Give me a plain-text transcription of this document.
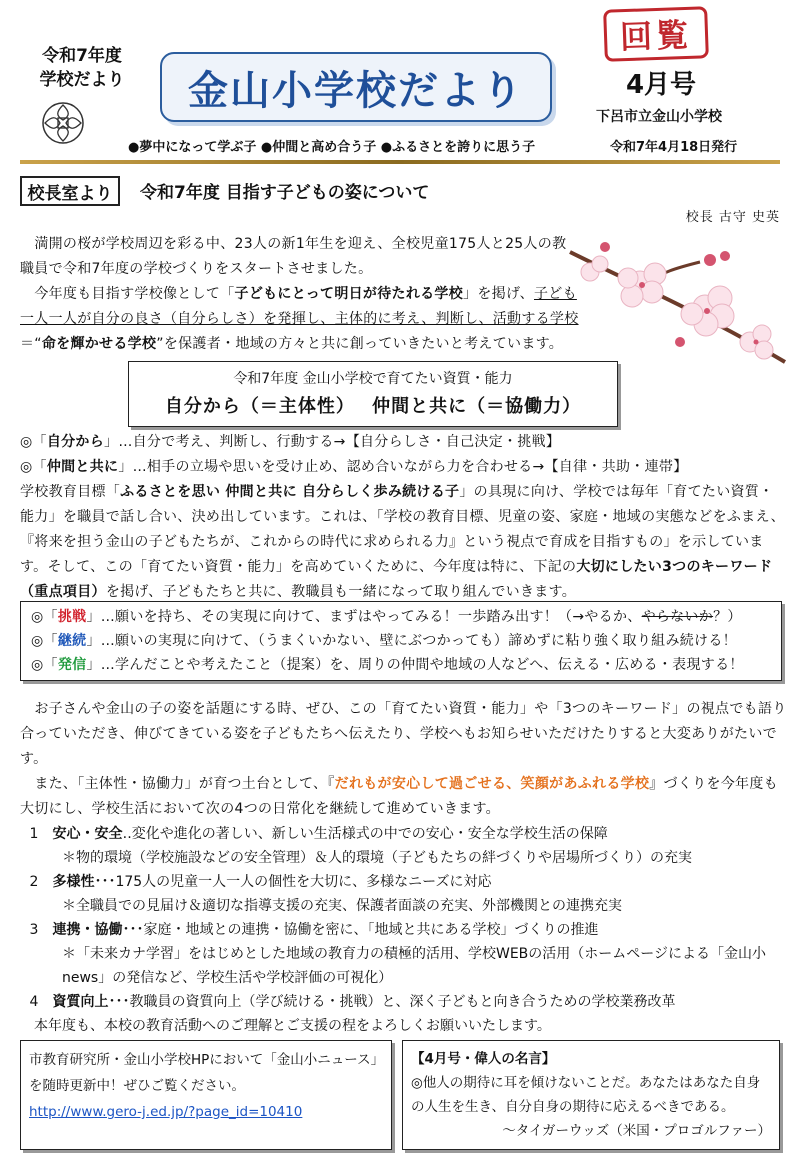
令和7年度
学校だより	金山小学校だより
回覧
4月号
下呂市立金山小学校
●夢中になって学ぶ子 ●仲間と高め合う子 ●ふるさとを誇りに思う子	令和7年4月18日発行
校長室より	令和7年度 目指す子どもの姿について
校長 古守 史英
　満開の桜が学校周辺を彩る中、23人の新1年生を迎え、全校児童175人と25人の教職員で令和7年度の学校づくりをスタートさせました。
　今年度も目指す学校像として「子どもにとって明日が待たれる学校」を掲げ、子ども一人一人が自分の良さ（自分らしさ）を発揮し、主体的に考え、判断し、活動する学校＝“命を輝かせる学校”を保護者・地域の方々と共に創っていきたいと考えています。
令和7年度 金山小学校で育てたい資質・能力
自分から（＝主体性）　 仲間と共に（＝協働力）
◎「自分から」…自分で考え、判断し、行動する→【自分らしさ・自己決定・挑戦】
◎「仲間と共に」…相手の立場や思いを受け止め、認め合いながら力を合わせる→【自律・共助・連帯】
学校教育目標「ふるさとを思い 仲間と共に 自分らしく歩み続ける子」の具現に向け、学校では毎年「育てたい資質・能力」を職員で話し合い、決め出しています。これは、「学校の教育目標、児童の姿、家庭・地域の実態などをふまえ、『将来を担う金山の子どもたちが、これからの時代に求められる力』という視点で育成を目指すもの」を示しています。そして、この「育てたい資質・能力」を高めていくために、今年度は特に、下記の大切にしたい3つのキーワード（重点項目）を掲げ、子どもたちと共に、教職員も一緒になって取り組んでいきます。
◎「挑戦」…願いを持ち、その実現に向けて、まずはやってみる！一歩踏み出す！（→やるか、やらないか？）
◎「継続」…願いの実現に向けて、（うまくいかない、壁にぶつかっても）諦めずに粘り強く取り組み続ける！
◎「発信」…学んだことや考えたこと（提案）を、周りの仲間や地域の人などへ、伝える・広める・表現する！
　お子さんや金山の子の姿を話題にする時、ぜひ、この「育てたい資質・能力」や「3つのキーワード」の視点でも語り合っていただき、伸びてきている姿を子どもたちへ伝えたり、学校へもお知らせいただけたりすると大変ありがたいです。
　また、「主体性・協働力」が育つ土台として、『だれもが安心して過ごせる、笑顔があふれる学校』づくりを今年度も大切にし、学校生活において次の4つの日常化を継続して進めていきます。
1 安心・安全‥変化や進化の著しい、新しい生活様式の中での安心・安全な学校生活の保障
＊物的環境（学校施設などの安全管理）＆人的環境（子どもたちの絆づくりや居場所づくり）の充実
2 多様性･･･175人の児童一人一人の個性を大切に、多様なニーズに対応
＊全職員での見届け＆適切な指導支援の充実、保護者面談の充実、外部機関との連携充実
3 連携・協働･･･家庭・地域との連携・協働を密に、「地域と共にある学校」づくりの推進
＊「未来カナ学習」をはじめとした地域の教育力の積極的活用、学校WEBの活用（ホームページによる「金山小news」の発信など、学校生活や学校評価の可視化）
4 資質向上･･･教職員の資質向上（学び続ける・挑戦）と、深く子どもと向き合うための学校業務改革
　本年度も、本校の教育活動へのご理解とご支援の程をよろしくお願いいたします。
市教育研究所・金山小学校HPにおいて「金山小ニュース」を随時更新中！ぜひご覧ください。
http://www.gero-j.ed.jp/?page_id=10410
【4月号・偉人の名言】
◎他人の期待に耳を傾けないことだ。あなたはあなた自身の人生を生き、自分自身の期待に応えるべきである。
～タイガーウッズ（米国・プロゴルファー）
